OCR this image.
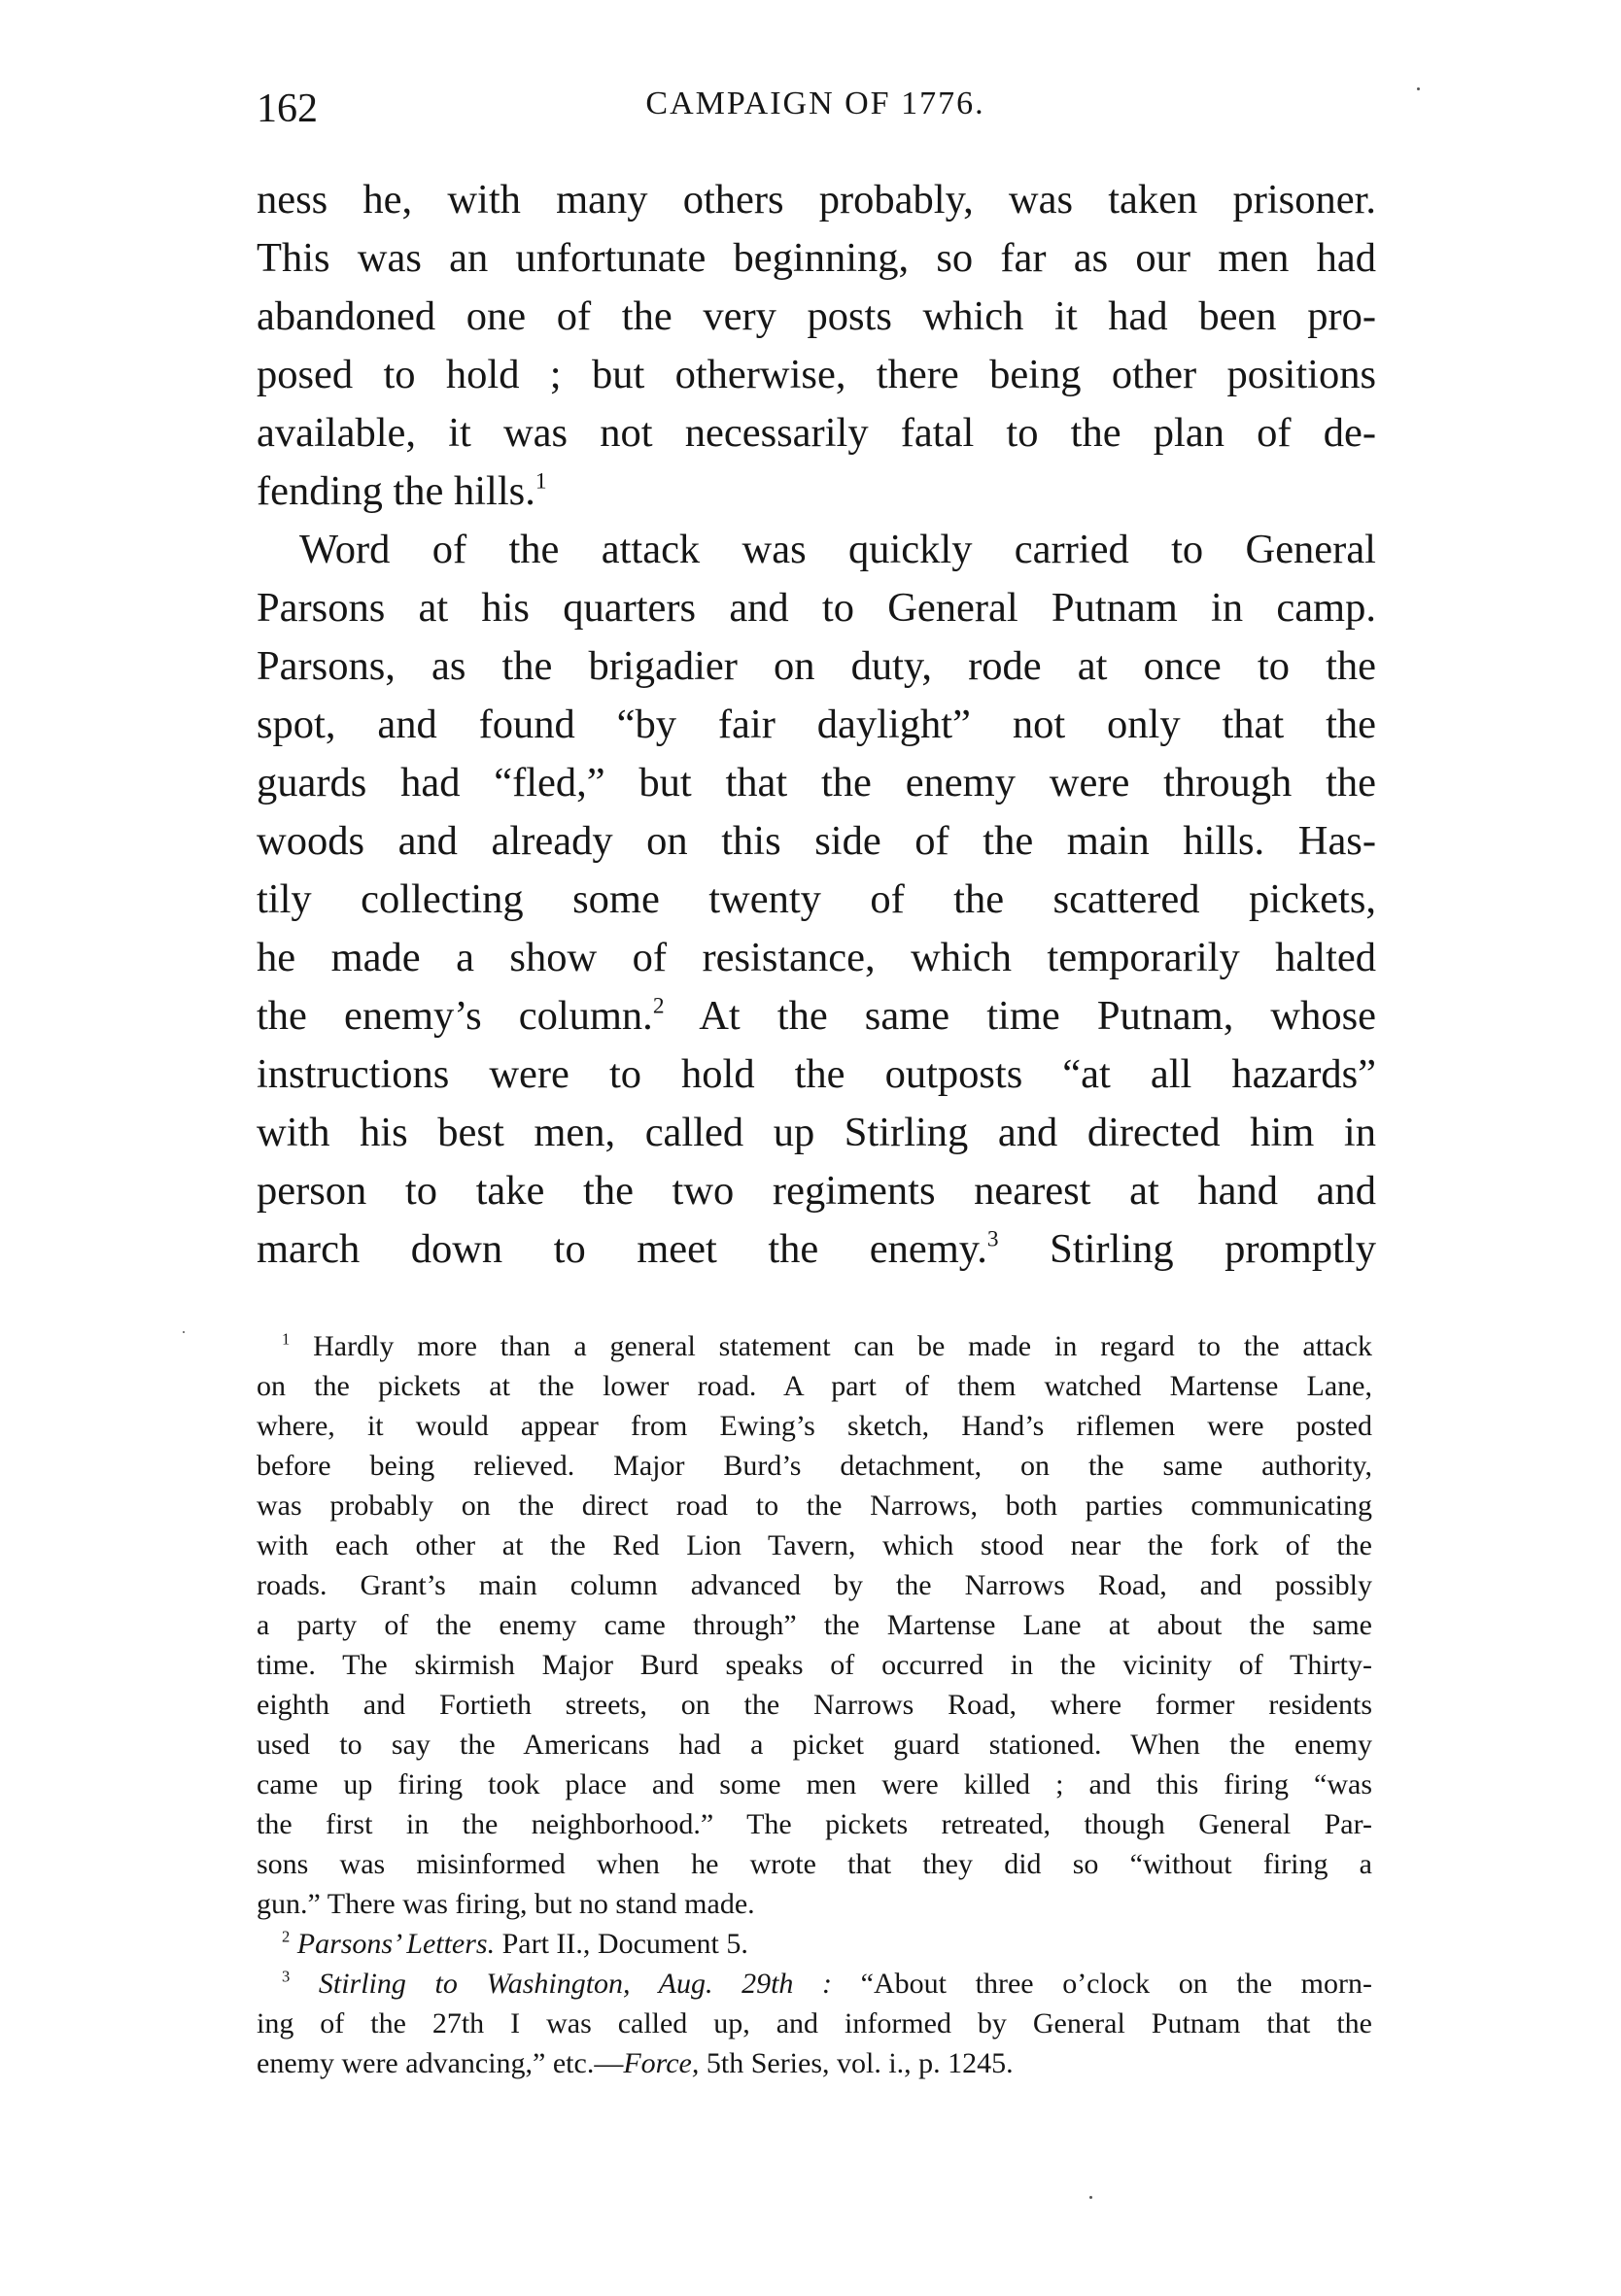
162	CAMPAIGN OF 1776.
ness he, with many others probably, was taken prisoner.
This was an unfortunate beginning, so far as our men had
abandoned one of the very posts which it had been pro-
posed to hold ; but otherwise, there being other positions
available, it was not necessarily fatal to the plan of de-
fending the hills.$^1$
Word of the attack was quickly carried to General
Parsons at his quarters and to General Putnam in camp.
Parsons, as the brigadier on duty, rode at once to the
spot, and found “by fair daylight” not only that the
guards had “fled,” but that the enemy were through the
woods and already on this side of the main hills. Has-
tily collecting some twenty of the scattered pickets,
he made a show of resistance, which temporarily halted
the enemy’s column.$^2$ At the same time Putnam, whose
instructions were to hold the outposts “at all hazards”
with his best men, called up Stirling and directed him in
person to take the two regiments nearest at hand and
march down to meet the enemy.$^3$ Stirling promptly
$^1$ Hardly more than a general statement can be made in regard to the attack
on the pickets at the lower road. A part of them watched Martense Lane,
where, it would appear from Ewing’s sketch, Hand’s riflemen were posted
before being relieved. Major Burd’s detachment, on the same authority,
was probably on the direct road to the Narrows, both parties communicating
with each other at the Red Lion Tavern, which stood near the fork of the
roads. Grant’s main column advanced by the Narrows Road, and possibly
a party of the enemy came through” the Martense Lane at about the same
time. The skirmish Major Burd speaks of occurred in the vicinity of Thirty-
eighth and Fortieth streets, on the Narrows Road, where former residents
used to say the Americans had a picket guard stationed. When the enemy
came up firing took place and some men were killed ; and this firing “was
the first in the neighborhood.” The pickets retreated, though General Par-
sons was misinformed when he wrote that they did so “without firing a
gun.” There was firing, but no stand made.
$^2$ Parsons’ Letters. Part II., Document 5.
$^3$ Stirling to Washington, Aug. 29th : “About three o’clock on the morn-
ing of the 27th I was called up, and informed by General Putnam that the
enemy were advancing,” etc.—Force, 5th Series, vol. i., p. 1245.
